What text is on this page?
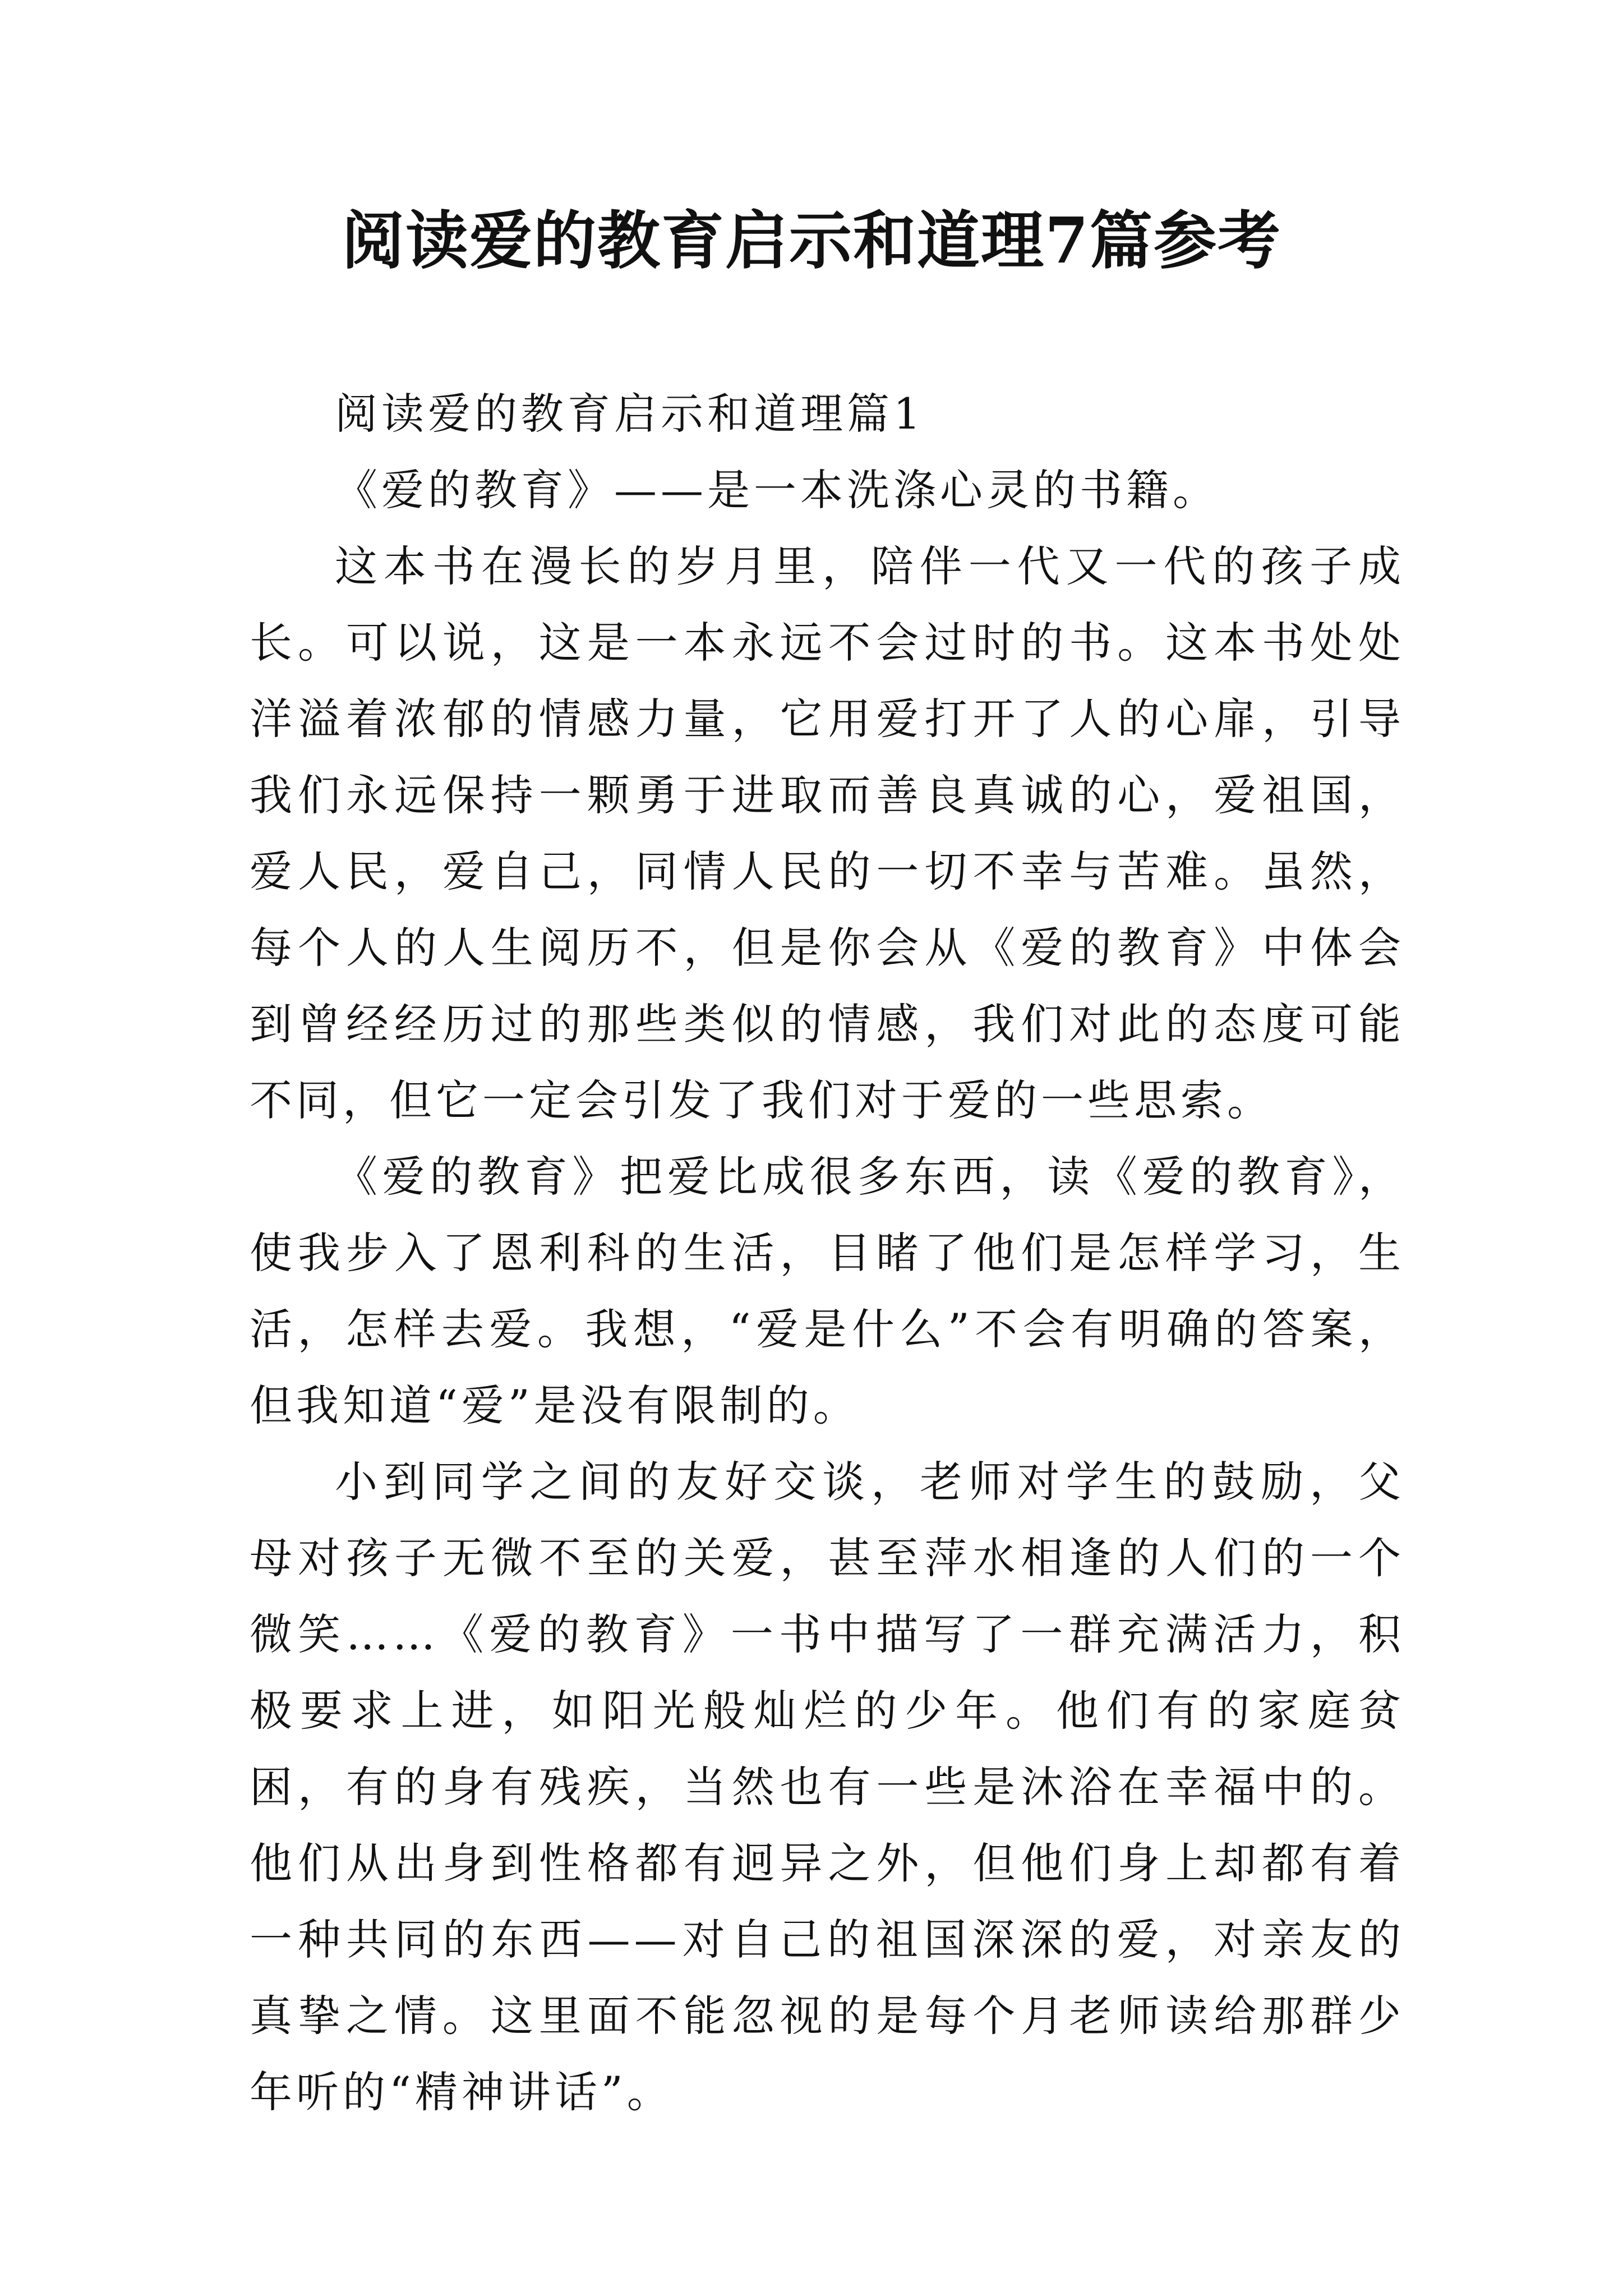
阅读爱的教育启示和道理7篇参考

阅读爱的教育启示和道理篇1

《爱的教育》——是一本洗涤心灵的书籍。

这本书在漫长的岁月里，陪伴一代又一代的孩子成长。可以说，这是一本永远不会过时的书。这本书处处洋溢着浓郁的情感力量，它用爱打开了人的心扉，引导我们永远保持一颗勇于进取而善良真诚的心，爱祖国，爱人民，爱自己，同情人民的一切不幸与苦难。虽然，每个人的人生阅历不，但是你会从《爱的教育》中体会到曾经经历过的那些类似的情感，我们对此的态度可能不同，但它一定会引发了我们对于爱的一些思索。

《爱的教育》把爱比成很多东西，读《爱的教育》，使我步入了恩利科的生活，目睹了他们是怎样学习，生活，怎样去爱。我想，“爱是什么”不会有明确的答案，但我知道“爱”是没有限制的。

小到同学之间的友好交谈，老师对学生的鼓励，父母对孩子无微不至的关爱，甚至萍水相逢的人们的一个微笑……《爱的教育》一书中描写了一群充满活力，积极要求上进，如阳光般灿烂的少年。他们有的家庭贫困，有的身有残疾，当然也有一些是沐浴在幸福中的。他们从出身到性格都有迥异之外，但他们身上却都有着一种共同的东西——对自己的祖国深深的爱，对亲友的真挚之情。这里面不能忽视的是每个月老师读给那群少年听的“精神讲话”。
